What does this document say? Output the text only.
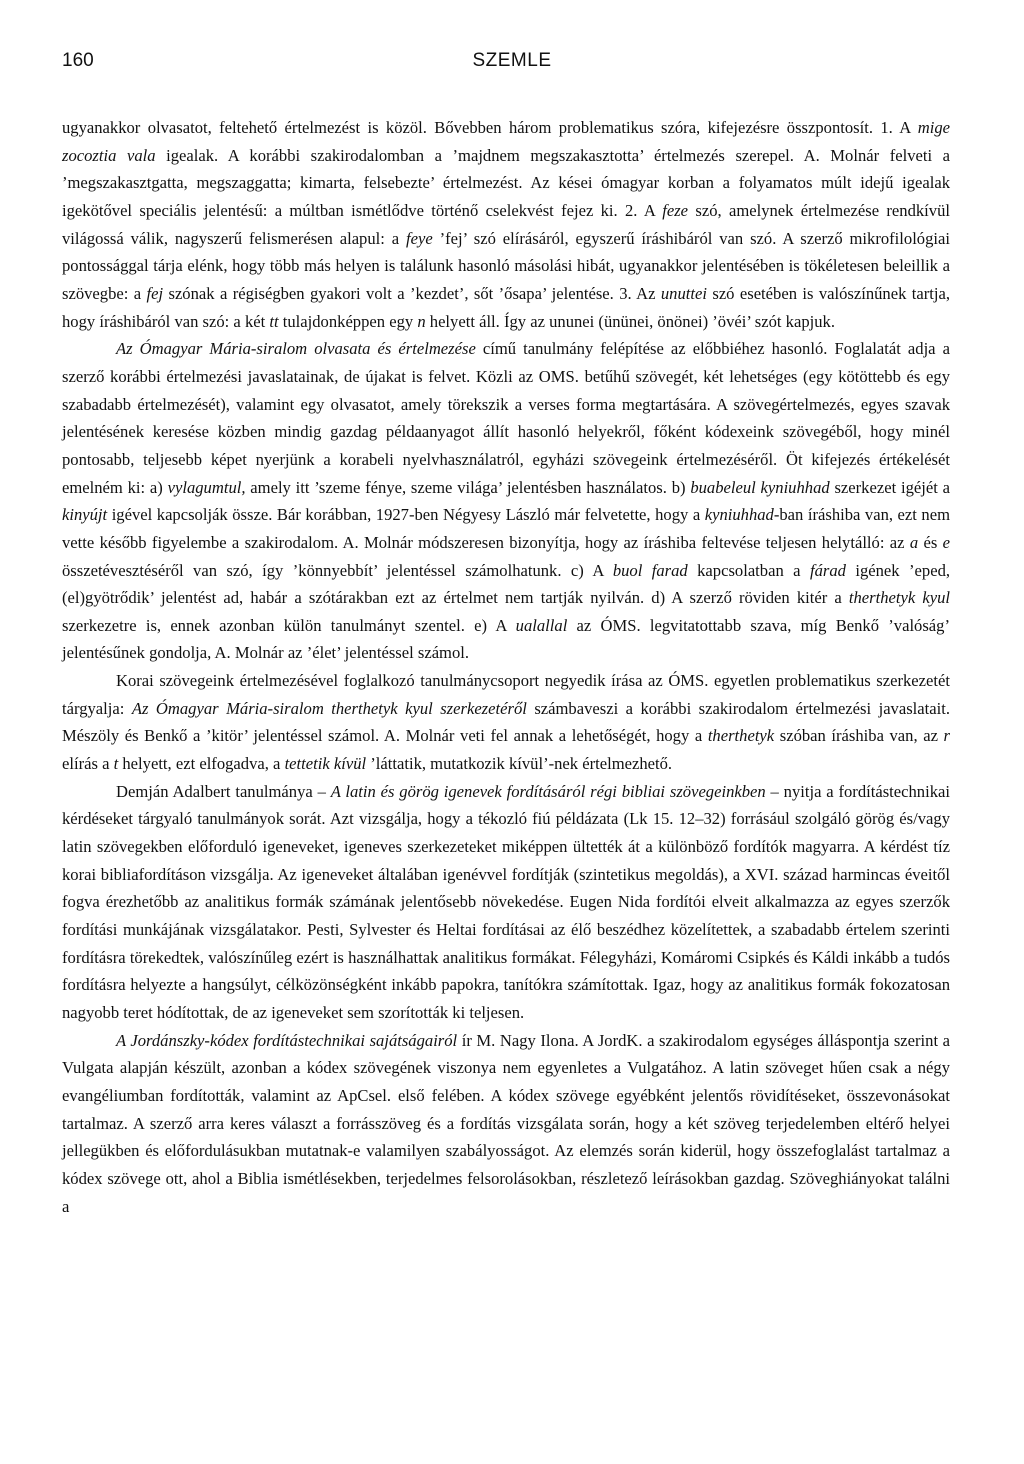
160	SZEMLE

ugyanakkor olvasatot, feltehető értelmezést is közöl. Bővebben három problematikus szóra, kifejezésre összpontosít. 1. A mige zocoztia vala igealak. A korábbi szakirodalomban a ’majdnem megszakasztotta’ értelmezés szerepel. A. Molnár felveti a ’megszakasztgatta, megszaggatta; kimarta, felsebezte’ értelmezést. Az kései ómagyar korban a folyamatos múlt idejű igealak igekötővel speciális jelentésű: a múltban ismétlődve történő cselekvést fejez ki. 2. A feze szó, amelynek értelmezése rendkívül világossá válik, nagyszerű felismerésen alapul: a feye ’fej’ szó elírásáról, egyszerű íráshibáról van szó. A szerző mikrofilológiai pontossággal tárja elénk, hogy több más helyen is találunk hasonló másolási hibát, ugyanakkor jelentésében is tökéletesen beleillik a szövegbe: a fej szónak a régiségben gyakori volt a ’kezdet’, sőt ’ősapa’ jelentése. 3. Az unuttei szó esetében is valószínűnek tartja, hogy íráshibáról van szó: a két tt tulajdonképpen egy n helyett áll. Így az ununei (ününei, önönei) ’övéi’ szót kapjuk.

Az Ómagyar Mária-siralom olvasata és értelmezése című tanulmány felépítése az előbbiéhez hasonló. Foglalatát adja a szerző korábbi értelmezési javaslatainak, de újakat is felvet. Közli az OMS. betűhű szövegét, két lehetséges (egy kötöttebb és egy szabadabb értelmezését), valamint egy olvasatot, amely törekszik a verses forma megtartására. A szövegértelmezés, egyes szavak jelentésének keresése közben mindig gazdag példaanyagot állít hasonló helyekről, főként kódexeink szövegéből, hogy minél pontosabb, teljesebb képet nyerjünk a korabeli nyelvhasználatról, egyházi szövegeink értelmezéséről. Öt kifejezés értékelését emelném ki: a) vylagumtul, amely itt ’szeme fénye, szeme világa’ jelentésben használatos. b) buabeleul kyniuhhad szerkezet igéjét a kinyújt igével kapcsolják össze. Bár korábban, 1927-ben Négyesy László már felvetette, hogy a kyniuhhad-ban íráshiba van, ezt nem vette később figyelembe a szakirodalom. A. Molnár módszeresen bizonyítja, hogy az íráshiba feltevése teljesen helytálló: az a és e összetévesztéséről van szó, így ’könnyebbít’ jelentéssel számolhatunk. c) A buol farad kapcsolatban a fárad igének ’eped, (el)gyötrődik’ jelentést ad, habár a szótárakban ezt az értelmet nem tartják nyilván. d) A szerző röviden kitér a therthetyk kyul szerkezetre is, ennek azonban külön tanulmányt szentel. e) A ualallal az ÓMS. legvitatottabb szava, míg Benkő ’valóság’ jelentésűnek gondolja, A. Molnár az ’élet’ jelentéssel számol.

Korai szövegeink értelmezésével foglalkozó tanulmánycsoport negyedik írása az ÓMS. egyetlen problematikus szerkezetét tárgyalja: Az Ómagyar Mária-siralom therthetyk kyul szerkezetéről számbaveszi a korábbi szakirodalom értelmezési javaslatait. Mészöly és Benkő a ’kitör’ jelentéssel számol. A. Molnár veti fel annak a lehetőségét, hogy a therthetyk szóban íráshiba van, az r elírás a t helyett, ezt elfogadva, a tettetik kívül ’láttatik, mutatkozik kívül’-nek értelmezhető.

Demján Adalbert tanulmánya – A latin és görög igenevek fordításáról régi bibliai szövegeinkben – nyitja a fordítástechnikai kérdéseket tárgyaló tanulmányok sorát. Azt vizsgálja, hogy a tékozló fiú példázata (Lk 15. 12–32) forrásául szolgáló görög és/vagy latin szövegekben előforduló igeneveket, igeneves szerkezeteket miképpen ültették át a különböző fordítók magyarra. A kérdést tíz korai bibliafordításon vizsgálja. Az igeneveket általában igenévvel fordítják (szintetikus megoldás), a XVI. század harmincas éveitől fogva érezhetőbb az analitikus formák számának jelentősebb növekedése. Eugen Nida fordítói elveit alkalmazza az egyes szerzők fordítási munkájának vizsgálatakor. Pesti, Sylvester és Heltai fordításai az élő beszédhez közelítettek, a szabadabb értelem szerinti fordításra törekedtek, valószínűleg ezért is használhattak analitikus formákat. Félegyházi, Komáromi Csipkés és Káldi inkább a tudós fordításra helyezte a hangsúlyt, célközönségként inkább papokra, tanítókra számítottak. Igaz, hogy az analitikus formák fokozatosan nagyobb teret hódítottak, de az igeneveket sem szorították ki teljesen.

A Jordánszky-kódex fordítástechnikai sajátságairól ír M. Nagy Ilona. A JordK. a szakirodalom egységes álláspontja szerint a Vulgata alapján készült, azonban a kódex szövegének viszonya nem egyenletes a Vulgatához. A latin szöveget hűen csak a négy evangéliumban fordították, valamint az ApCsel. első felében. A kódex szövege egyébként jelentős rövidítéseket, összevonásokat tartalmaz. A szerző arra keres választ a forrásszöveg és a fordítás vizsgálata során, hogy a két szöveg terjedelemben eltérő helyei jellegükben és előfordulásukban mutatnak-e valamilyen szabályosságot. Az elemzés során kiderül, hogy összefoglalást tartalmaz a kódex szövege ott, ahol a Biblia ismétlésekben, terjedelmes felsorolásokban, részletező leírásokban gazdag. Szöveghiányokat találni a
